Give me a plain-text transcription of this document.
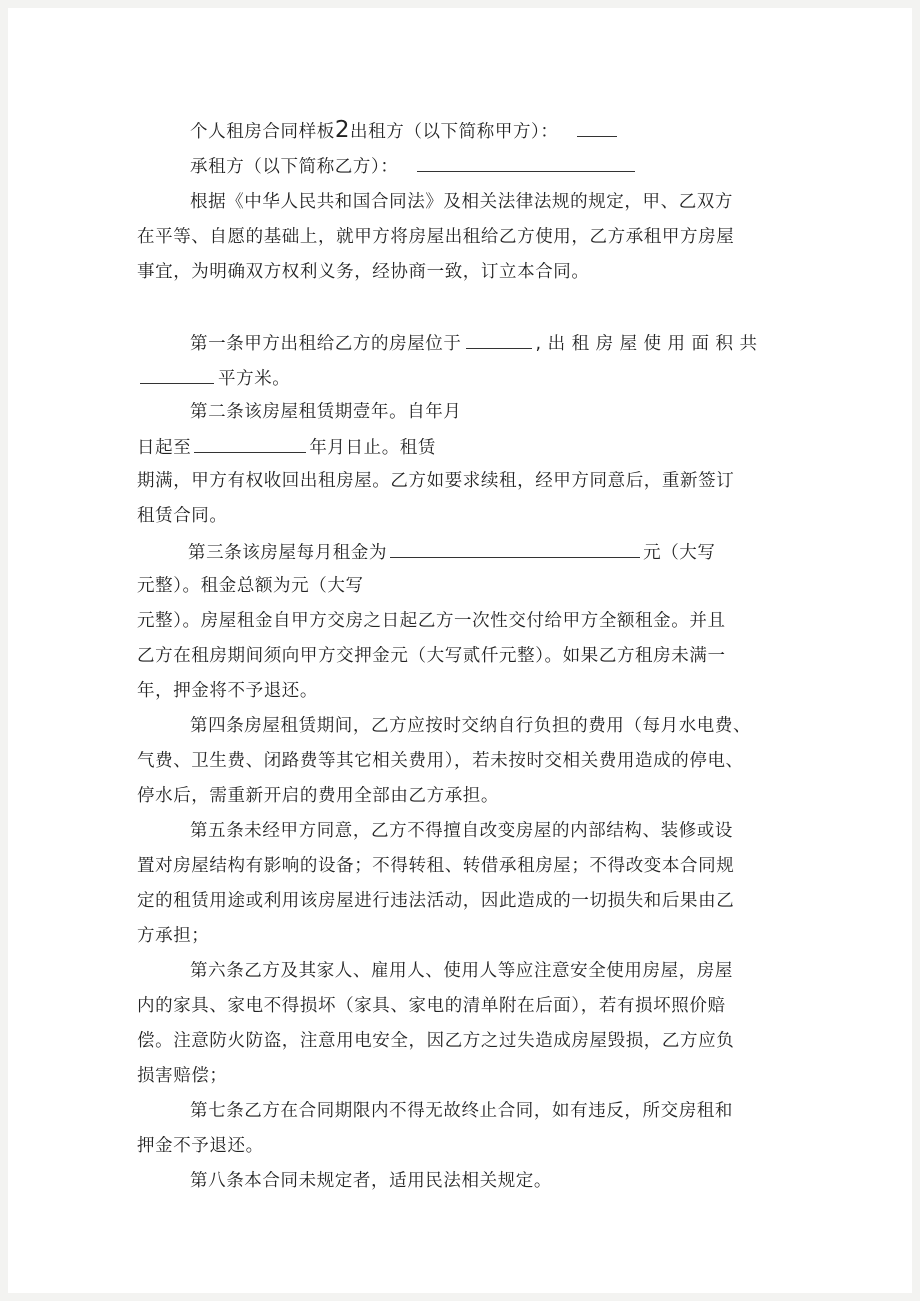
个人租房合同样板2出租方（以下简称甲方）：
承租方（以下简称乙方）：
根据《中华人民共和国合同法》及相关法律法规的规定，甲、乙双方
在平等、自愿的基础上，就甲方将房屋出租给乙方使用，乙方承租甲方房屋
事宜，为明确双方权利义务，经协商一致，订立本合同。
第一条甲方出租给乙方的房屋位于	,出租房屋使用面积共
平方米。
第二条该房屋租赁期壹年。自年月
日起至	年月日止。租赁
期满，甲方有权收回出租房屋。乙方如要求续租，经甲方同意后，重新签订
租赁合同。
第三条该房屋每月租金为	元（大写
元整）。租金总额为元（大写
元整）。房屋租金自甲方交房之日起乙方一次性交付给甲方全额租金。并且
乙方在租房期间须向甲方交押金元（大写贰仟元整）。如果乙方租房未满一
年，押金将不予退还。
第四条房屋租赁期间，乙方应按时交纳自行负担的费用（每月水电费、
气费、卫生费、闭路费等其它相关费用），若未按时交相关费用造成的停电、
停水后，需重新开启的费用全部由乙方承担。
第五条未经甲方同意，乙方不得擅自改变房屋的内部结构、装修或设
置对房屋结构有影响的设备；不得转租、转借承租房屋；不得改变本合同规
定的租赁用途或利用该房屋进行违法活动，因此造成的一切损失和后果由乙
方承担；
第六条乙方及其家人、雇用人、使用人等应注意安全使用房屋，房屋
内的家具、家电不得损坏（家具、家电的清单附在后面），若有损坏照价赔
偿。注意防火防盗，注意用电安全，因乙方之过失造成房屋毁损，乙方应负
损害赔偿；
第七条乙方在合同期限内不得无故终止合同，如有违反，所交房租和
押金不予退还。
第八条本合同未规定者，适用民法相关规定。
